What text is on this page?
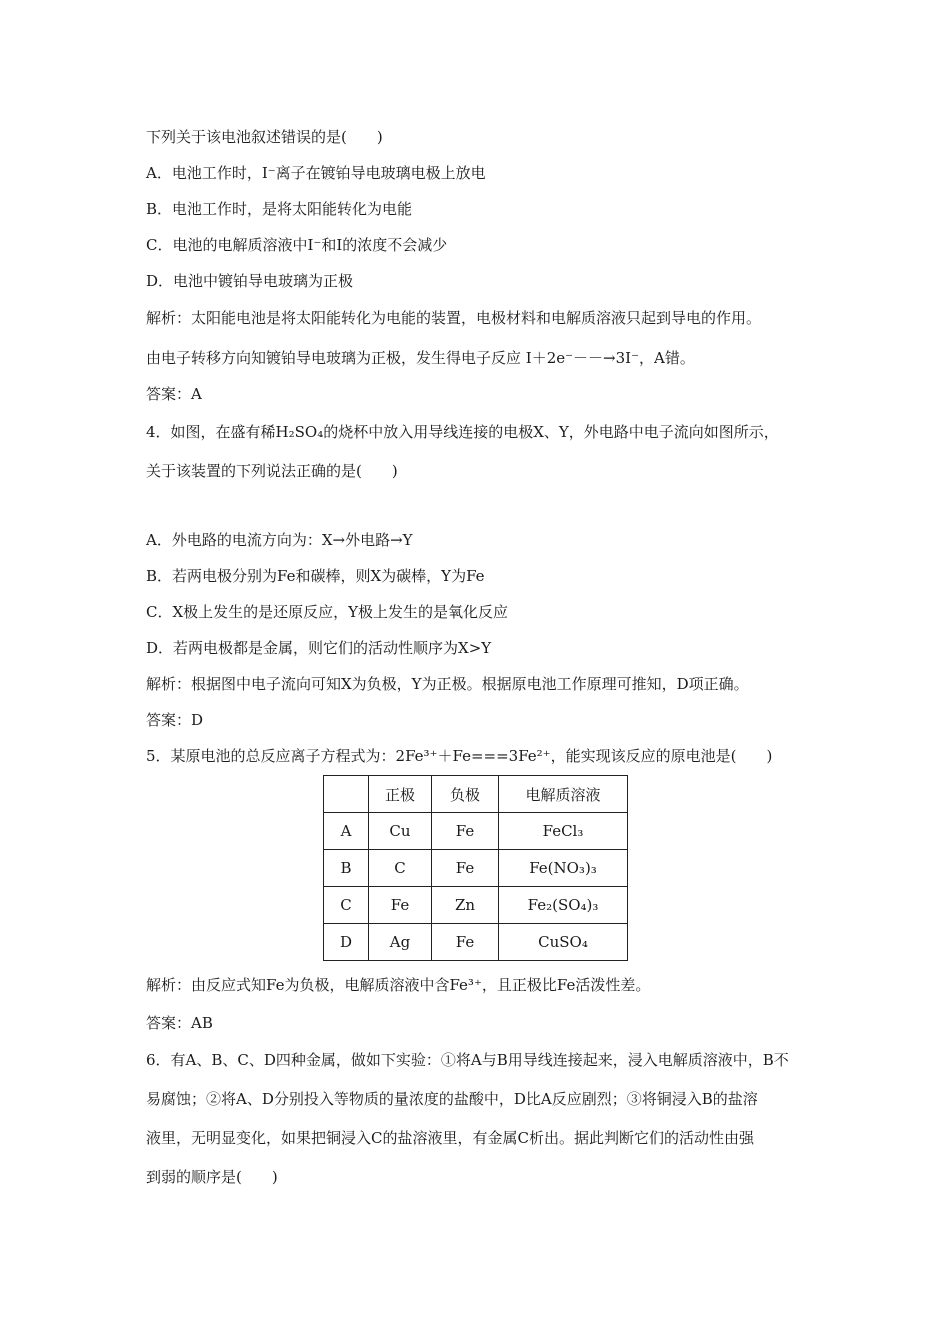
下列关于该电池叙述错误的是(　　)
A．电池工作时，I⁻离子在镀铂导电玻璃电极上放电
B．电池工作时，是将太阳能转化为电能
C．电池的电解质溶液中I⁻和I的浓度不会减少
D．电池中镀铂导电玻璃为正极
解析：太阳能电池是将太阳能转化为电能的装置，电极材料和电解质溶液只起到导电的作用。
由电子转移方向知镀铂导电玻璃为正极，发生得电子反应 I＋2e⁻－－→3I⁻，A错。
答案：A
4．如图，在盛有稀H₂SO₄的烧杯中放入用导线连接的电极X、Y，外电路中电子流向如图所示，
关于该装置的下列说法正确的是(　　)
A．外电路的电流方向为：X→外电路→Y
B．若两电极分别为Fe和碳棒，则X为碳棒，Y为Fe
C．X极上发生的是还原反应，Y极上发生的是氧化反应
D．若两电极都是金属，则它们的活动性顺序为X>Y
解析：根据图中电子流向可知X为负极，Y为正极。根据原电池工作原理可推知，D项正确。
答案：D
5．某原电池的总反应离子方程式为：2Fe³⁺＋Fe===3Fe²⁺，能实现该反应的原电池是(　　)
	正极	负极	电解质溶液
A	Cu	Fe	FeCl₃
B	C	Fe	Fe(NO₃)₃
C	Fe	Zn	Fe₂(SO₄)₃
D	Ag	Fe	CuSO₄
解析：由反应式知Fe为负极，电解质溶液中含Fe³⁺，且正极比Fe活泼性差。
答案：AB
6．有A、B、C、D四种金属，做如下实验：①将A与B用导线连接起来，浸入电解质溶液中，B不
易腐蚀；②将A、D分别投入等物质的量浓度的盐酸中，D比A反应剧烈；③将铜浸入B的盐溶
液里，无明显变化，如果把铜浸入C的盐溶液里，有金属C析出。据此判断它们的活动性由强
到弱的顺序是(　　)
